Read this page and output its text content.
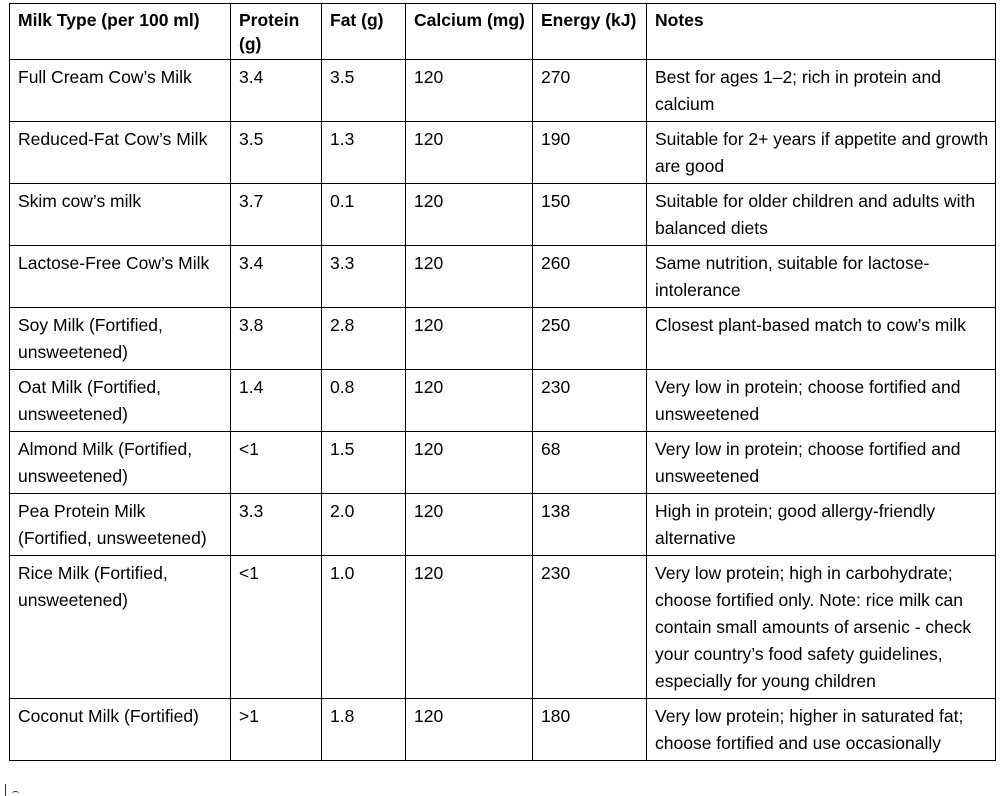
Milk Type (per 100 ml)	Protein (g)	Fat (g)	Calcium (mg)	Energy (kJ)	Notes
Full Cream Cow’s Milk	3.4	3.5	120	270	Best for ages 1–2; rich in protein and calcium
Reduced-Fat Cow’s Milk	3.5	1.3	120	190	Suitable for 2+ years if appetite and growth are good
Skim cow’s milk	3.7	0.1	120	150	Suitable for older children and adults with balanced diets
Lactose-Free Cow’s Milk	3.4	3.3	120	260	Same nutrition, suitable for lactose-intolerance
Soy Milk (Fortified, unsweetened)	3.8	2.8	120	250	Closest plant-based match to cow’s milk
Oat Milk (Fortified, unsweetened)	1.4	0.8	120	230	Very low in protein; choose fortified and unsweetened
Almond Milk (Fortified, unsweetened)	<1	1.5	120	68	Very low in protein; choose fortified and unsweetened
Pea Protein Milk (Fortified, unsweetened)	3.3	2.0	120	138	High in protein; good allergy-friendly alternative
Rice Milk (Fortified, unsweetened)	<1	1.0	120	230	Very low protein; high in carbohydrate; choose fortified only. Note: rice milk can contain small amounts of arsenic - check your country’s food safety guidelines, especially for young children
Coconut Milk (Fortified)	>1	1.8	120	180	Very low protein; higher in saturated fat; choose fortified and use occasionally
